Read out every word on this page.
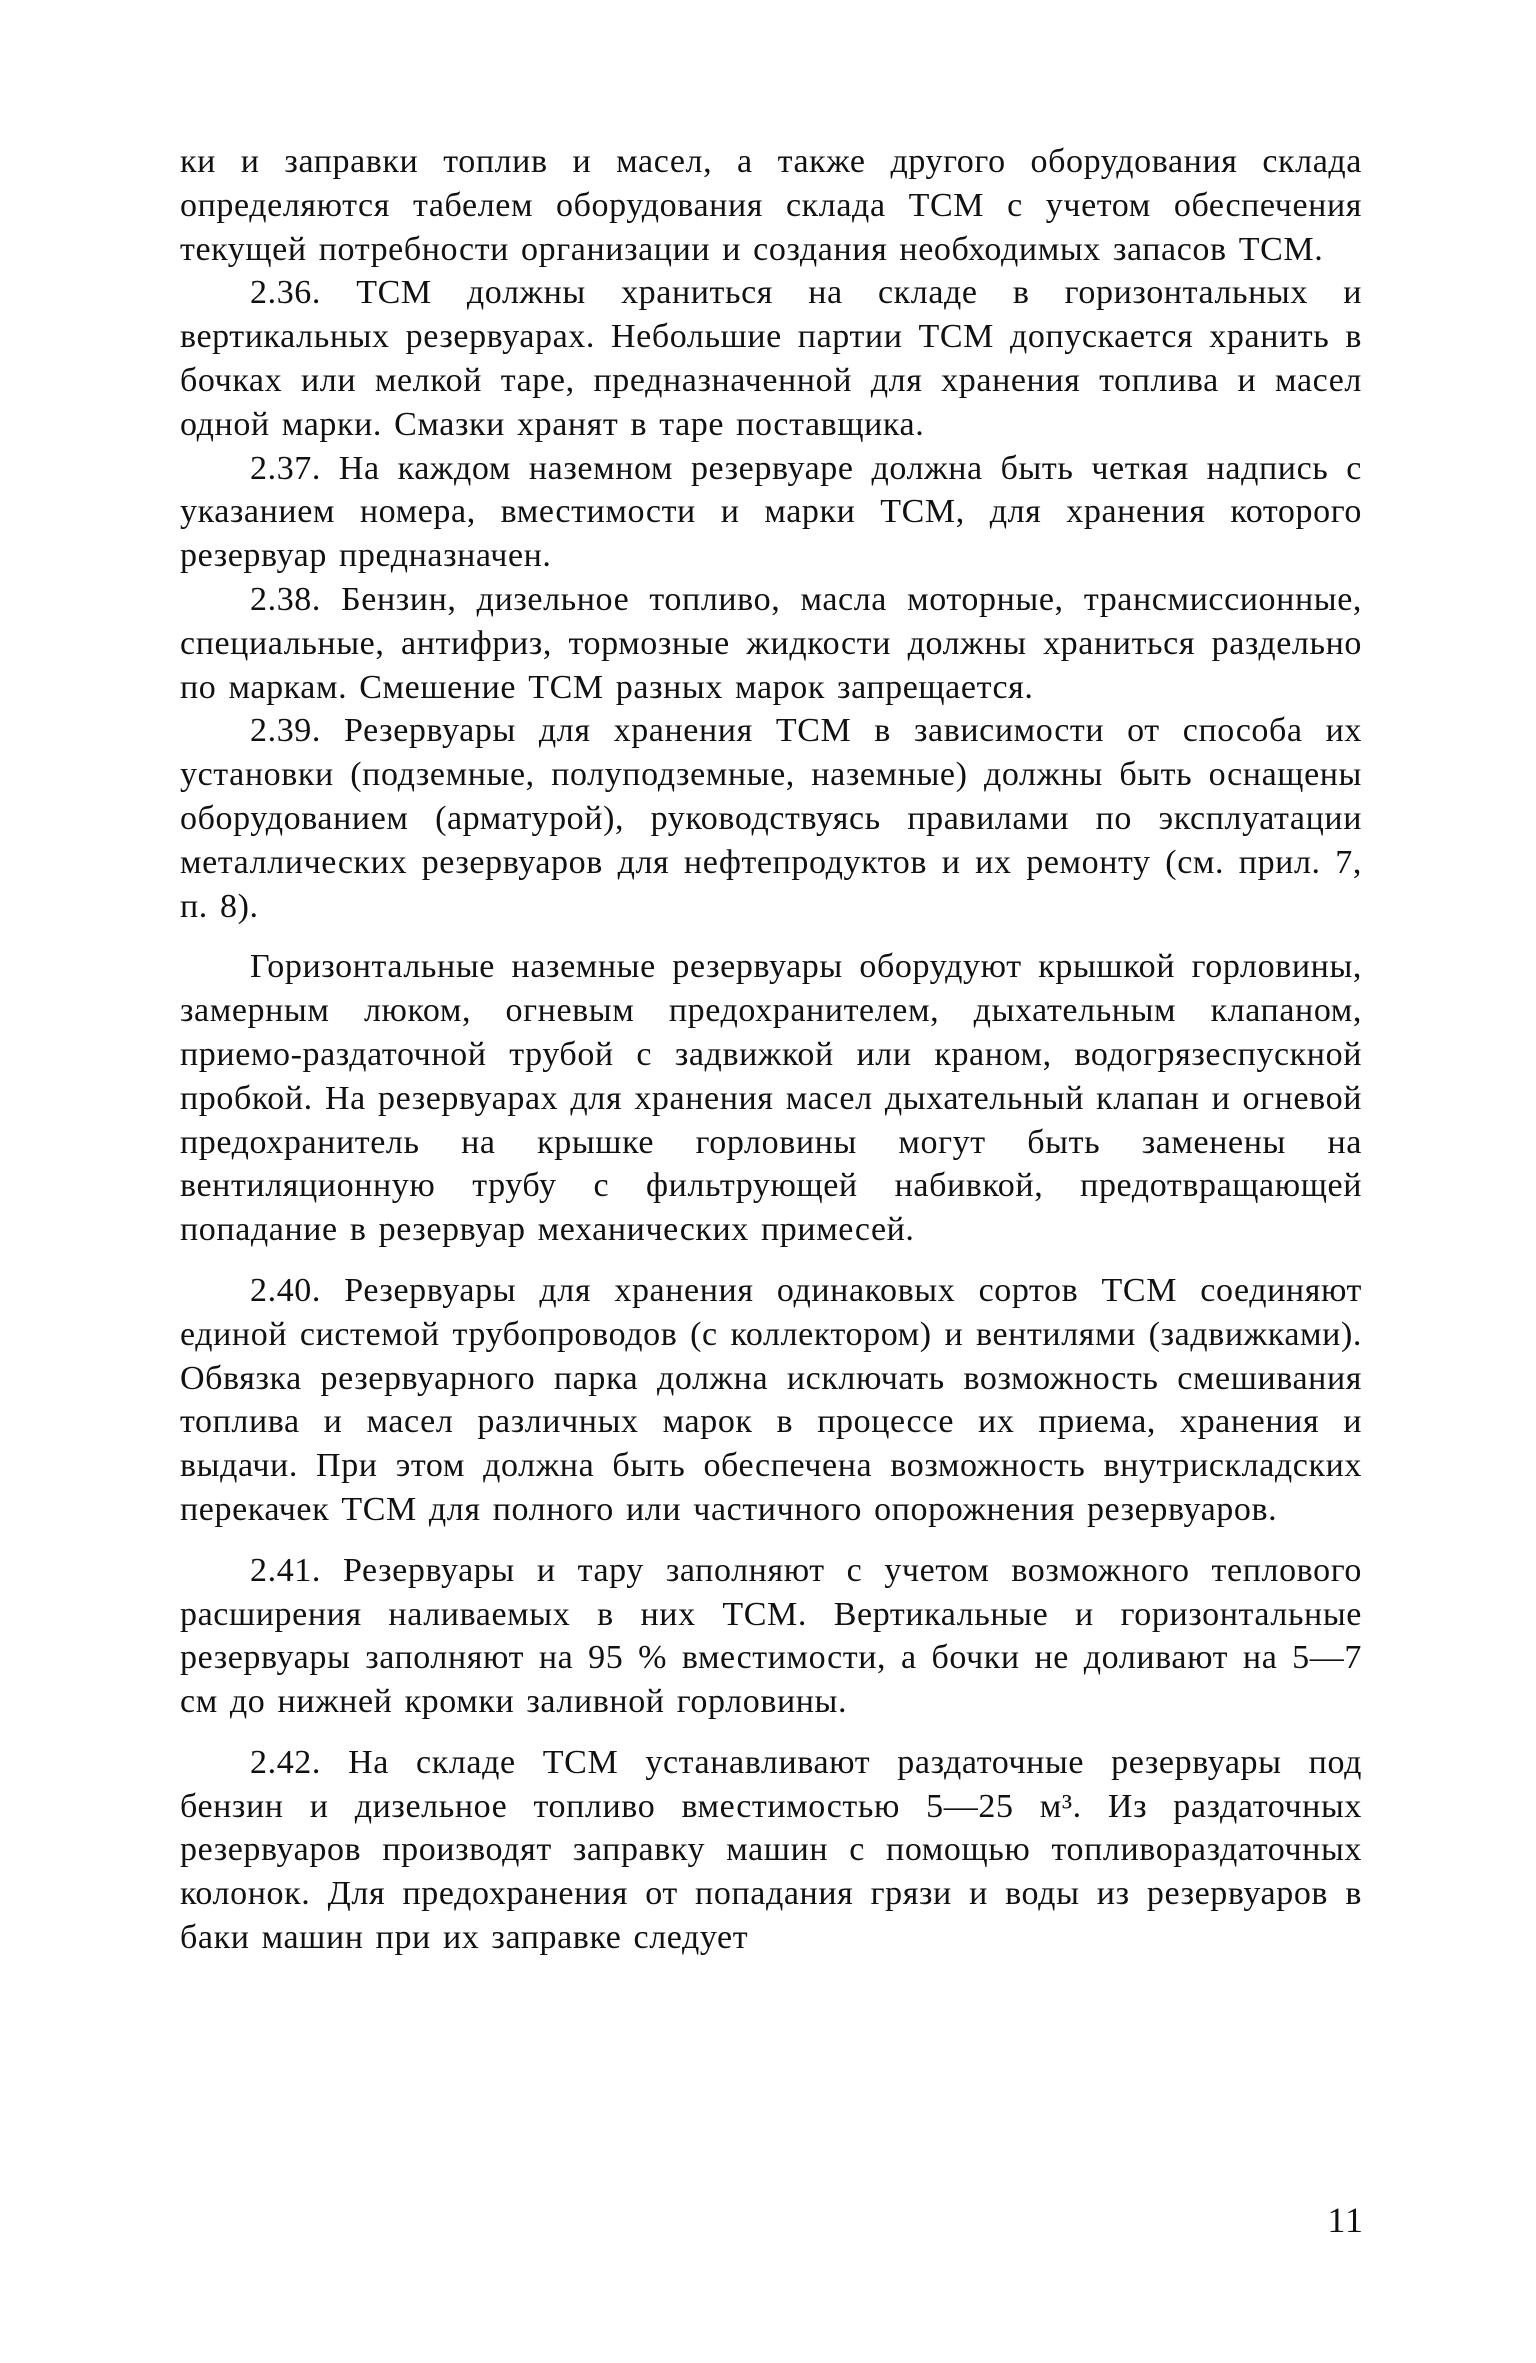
ки и заправки топлив и масел, а также другого оборудования склада определяются табелем оборудования склада ТСМ с учетом обеспечения текущей потребности организации и создания необходимых запасов ТСМ.

2.36. ТСМ должны храниться на складе в горизонтальных и вертикальных резервуарах. Небольшие партии ТСМ допускается хранить в бочках или мелкой таре, предназначенной для хранения топлива и масел одной марки. Смазки хранят в таре поставщика.

2.37. На каждом наземном резервуаре должна быть четкая надпись с указанием номера, вместимости и марки ТСМ, для хранения которого резервуар предназначен.

2.38. Бензин, дизельное топливо, масла моторные, трансмиссионные, специальные, антифриз, тормозные жидкости должны храниться раздельно по маркам. Смешение ТСМ разных марок запрещается.

2.39. Резервуары для хранения ТСМ в зависимости от способа их установки (подземные, полуподземные, наземные) должны быть оснащены оборудованием (арматурой), руководствуясь правилами по эксплуатации металлических резервуаров для нефтепродуктов и их ремонту (см. прил. 7, п. 8).

Горизонтальные наземные резервуары оборудуют крышкой горловины, замерным люком, огневым предохранителем, дыхательным клапаном, приемо-раздаточной трубой с задвижкой или краном, водогрязеспускной пробкой. На резервуарах для хранения масел дыхательный клапан и огневой предохранитель на крышке горловины могут быть заменены на вентиляционную трубу с фильтрующей набивкой, предотвращающей попадание в резервуар механических примесей.

2.40. Резервуары для хранения одинаковых сортов ТСМ соединяют единой системой трубопроводов (с коллектором) и вентилями (задвижками). Обвязка резервуарного парка должна исключать возможность смешивания топлива и масел различных марок в процессе их приема, хранения и выдачи. При этом должна быть обеспечена возможность внутрискладских перекачек ТСМ для полного или частичного опорожнения резервуаров.

2.41. Резервуары и тару заполняют с учетом возможного теплового расширения наливаемых в них ТСМ. Вертикальные и горизонтальные резервуары заполняют на 95 % вместимости, а бочки не доливают на 5—7 см до нижней кромки заливной горловины.

2.42. На складе ТСМ устанавливают раздаточные резервуары под бензин и дизельное топливо вместимостью 5—25 м³. Из раздаточных резервуаров производят заправку машин с помощью топливораздаточных колонок. Для предохранения от попадания грязи и воды из резервуаров в баки машин при их заправке следует

11
